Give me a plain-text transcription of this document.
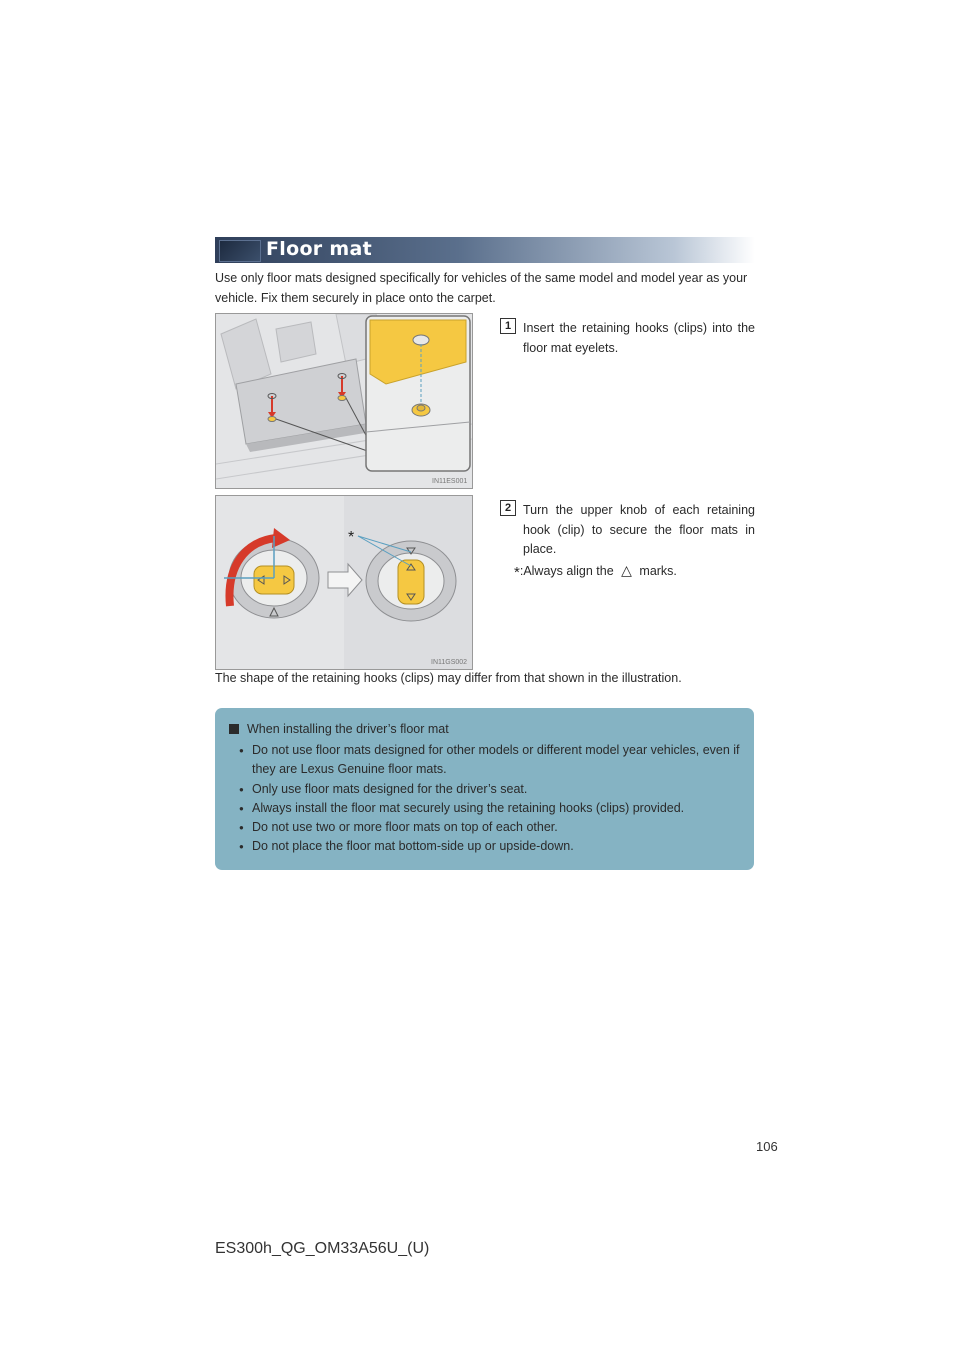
Floor mat
Use only floor mats designed specifically for vehicles of the same model and model year as your vehicle. Fix them securely in place onto the carpet.
IN11ES001
1 Insert the retaining hooks (clips) into the floor mat eyelets.
*
IN11GS002
2 Turn the upper knob of each retaining hook (clip) to secure the floor mats in place.
*:Always align the △ marks.
The shape of the retaining hooks (clips) may differ from that shown in the illustration.
When installing the driver’s floor mat
● Do not use floor mats designed for other models or different model year vehicles, even if they are Lexus Genuine floor mats.
● Only use floor mats designed for the driver’s seat.
● Always install the floor mat securely using the retaining hooks (clips) provided.
● Do not use two or more floor mats on top of each other.
● Do not place the floor mat bottom-side up or upside-down.
106
ES300h_QG_OM33A56U_(U)
